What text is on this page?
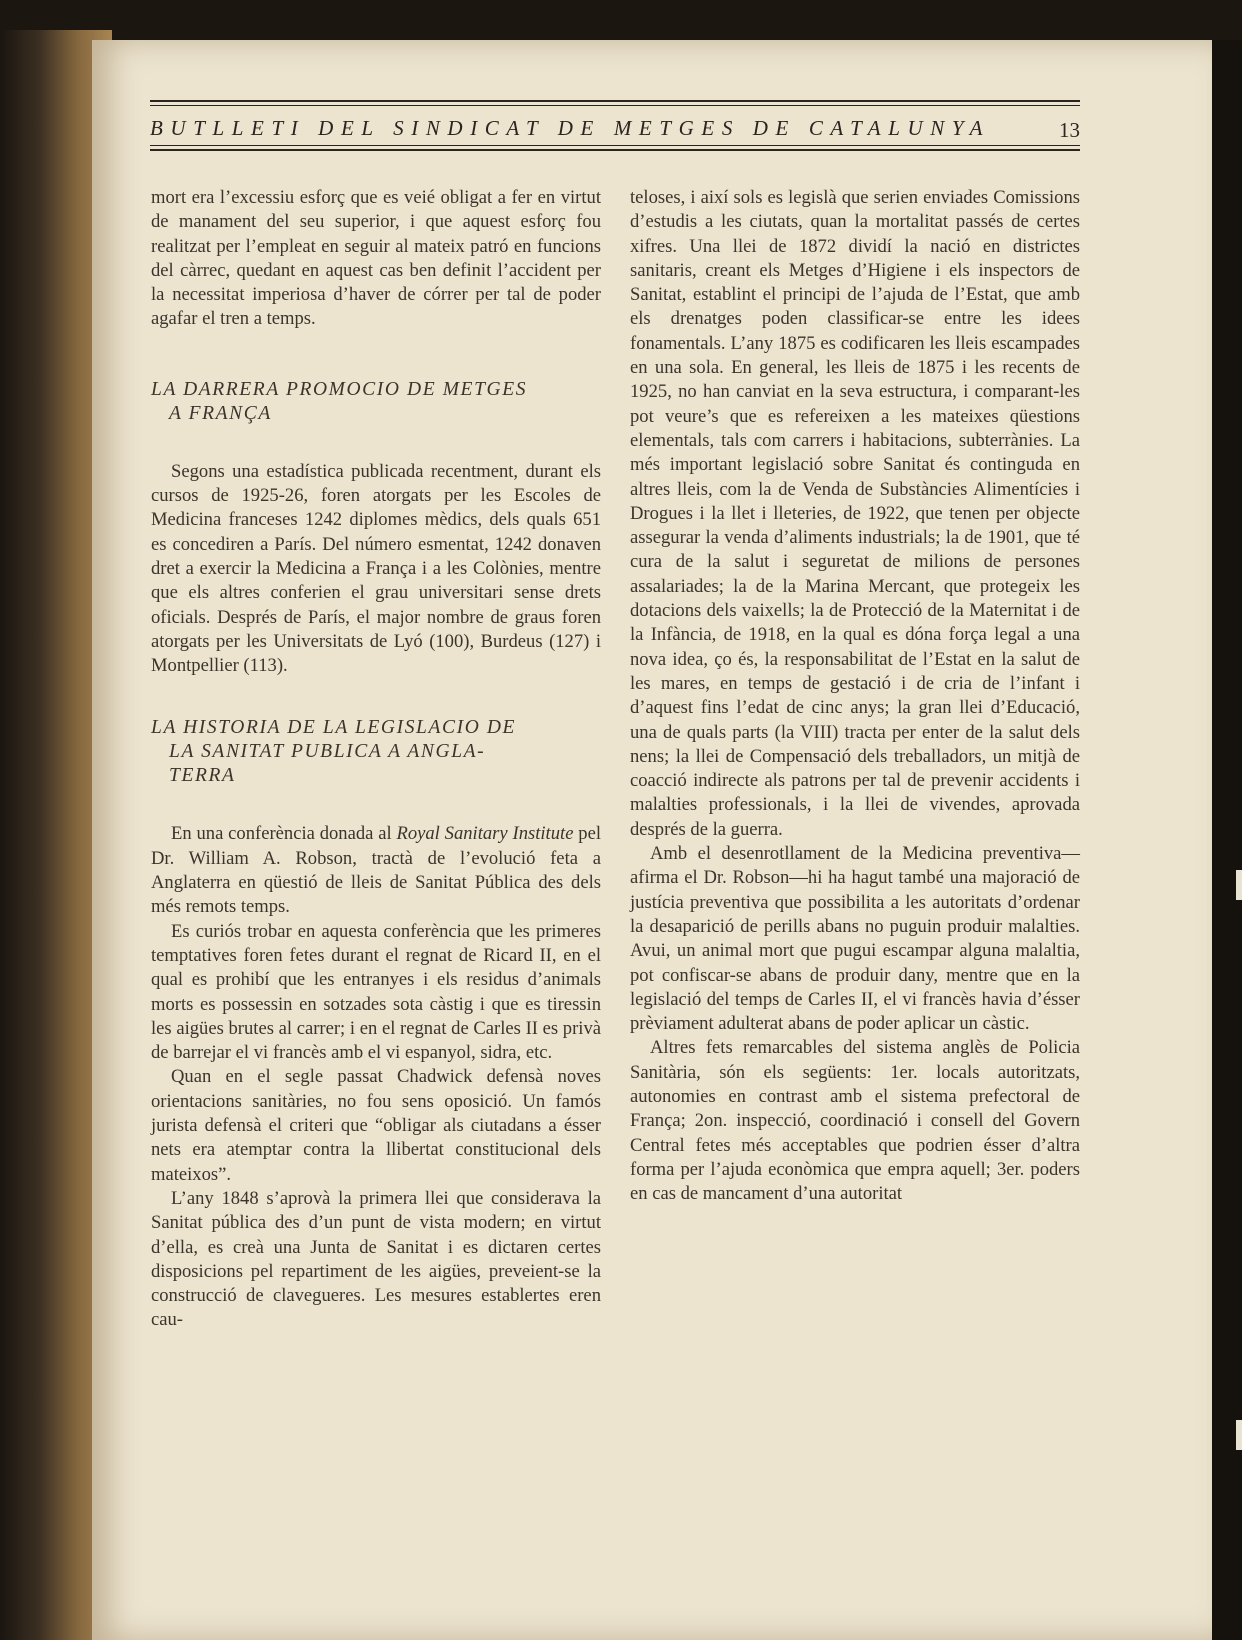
BUTLLETI DEL SINDICAT DE METGES DE CATALUNYA	13

mort era l’excessiu esforç que es veié obligat a fer en virtut de manament del seu superior, i que aquest esforç fou realitzat per l’empleat en seguir al mateix patró en funcions del càrrec, quedant en aquest cas ben definit l’accident per la necessitat imperiosa d’haver de córrer per tal de poder agafar el tren a temps.

LA DARRERA PROMOCIO DE METGES
A FRANÇA

Segons una estadística publicada recentment, durant els cursos de 1925-26, foren atorgats per les Escoles de Medicina franceses 1242 diplomes mèdics, dels quals 651 es concediren a París. Del número esmentat, 1242 donaven dret a exercir la Medicina a França i a les Colònies, mentre que els altres conferien el grau universitari sense drets oficials. Després de París, el major nombre de graus foren atorgats per les Universitats de Lyó (100), Burdeus (127) i Montpellier (113).

LA HISTORIA DE LA LEGISLACIO DE
LA SANITAT PUBLICA A ANGLA-
TERRA

En una conferència donada al Royal Sanitary Institute pel Dr. William A. Robson, tractà de l’evolució feta a Anglaterra en qüestió de lleis de Sanitat Pública des dels més remots temps.

Es curiós trobar en aquesta conferència que les primeres temptatives foren fetes durant el regnat de Ricard II, en el qual es prohibí que les entranyes i els residus d’animals morts es possessin en sotzades sota càstig i que es tiressin les aigües brutes al carrer; i en el regnat de Carles II es privà de barrejar el vi francès amb el vi espanyol, sidra, etc.

Quan en el segle passat Chadwick defensà noves orientacions sanitàries, no fou sens oposició. Un famós jurista defensà el criteri que “obligar als ciutadans a ésser nets era atemptar contra la llibertat constitucional dels mateixos”.

L’any 1848 s’aprovà la primera llei que considerava la Sanitat pública des d’un punt de vista modern; en virtut d’ella, es creà una Junta de Sanitat i es dictaren certes disposicions pel repartiment de les aigües, preveient-se la construcció de clavegueres. Les mesures establertes eren cau-

teloses, i així sols es legislà que serien enviades Comissions d’estudis a les ciutats, quan la mortalitat passés de certes xifres. Una llei de 1872 dividí la nació en districtes sanitaris, creant els Metges d’Higiene i els inspectors de Sanitat, establint el principi de l’ajuda de l’Estat, que amb els drenatges poden classificar-se entre les idees fonamentals. L’any 1875 es codificaren les lleis escampades en una sola. En general, les lleis de 1875 i les recents de 1925, no han canviat en la seva estructura, i comparant-les pot veure’s que es refereixen a les mateixes qüestions elementals, tals com carrers i habitacions, subterrànies. La més important legislació sobre Sanitat és continguda en altres lleis, com la de Venda de Substàncies Alimentícies i Drogues i la llet i lleteries, de 1922, que tenen per objecte assegurar la venda d’aliments industrials; la de 1901, que té cura de la salut i seguretat de milions de persones assalariades; la de la Marina Mercant, que protegeix les dotacions dels vaixells; la de Protecció de la Maternitat i de la Infància, de 1918, en la qual es dóna força legal a una nova idea, ço és, la responsabilitat de l’Estat en la salut de les mares, en temps de gestació i de cria de l’infant i d’aquest fins l’edat de cinc anys; la gran llei d’Educació, una de quals parts (la VIII) tracta per enter de la salut dels nens; la llei de Compensació dels treballadors, un mitjà de coacció indirecte als patrons per tal de prevenir accidents i malalties professionals, i la llei de vivendes, aprovada després de la guerra.

Amb el desenrotllament de la Medicina preventiva—afirma el Dr. Robson—hi ha hagut també una majoració de justícia preventiva que possibilita a les autoritats d’ordenar la desaparició de perills abans no puguin produir malalties. Avui, un animal mort que pugui escampar alguna malaltia, pot confiscar-se abans de produir dany, mentre que en la legislació del temps de Carles II, el vi francès havia d’ésser prèviament adulterat abans de poder aplicar un càstic.

Altres fets remarcables del sistema anglès de Policia Sanitària, són els següents: 1er. locals autoritzats, autonomies en contrast amb el sistema prefectoral de França; 2on. inspecció, coordinació i consell del Govern Central fetes més acceptables que podrien ésser d’altra forma per l’ajuda econòmica que empra aquell; 3er. poders en cas de mancament d’una autoritat
